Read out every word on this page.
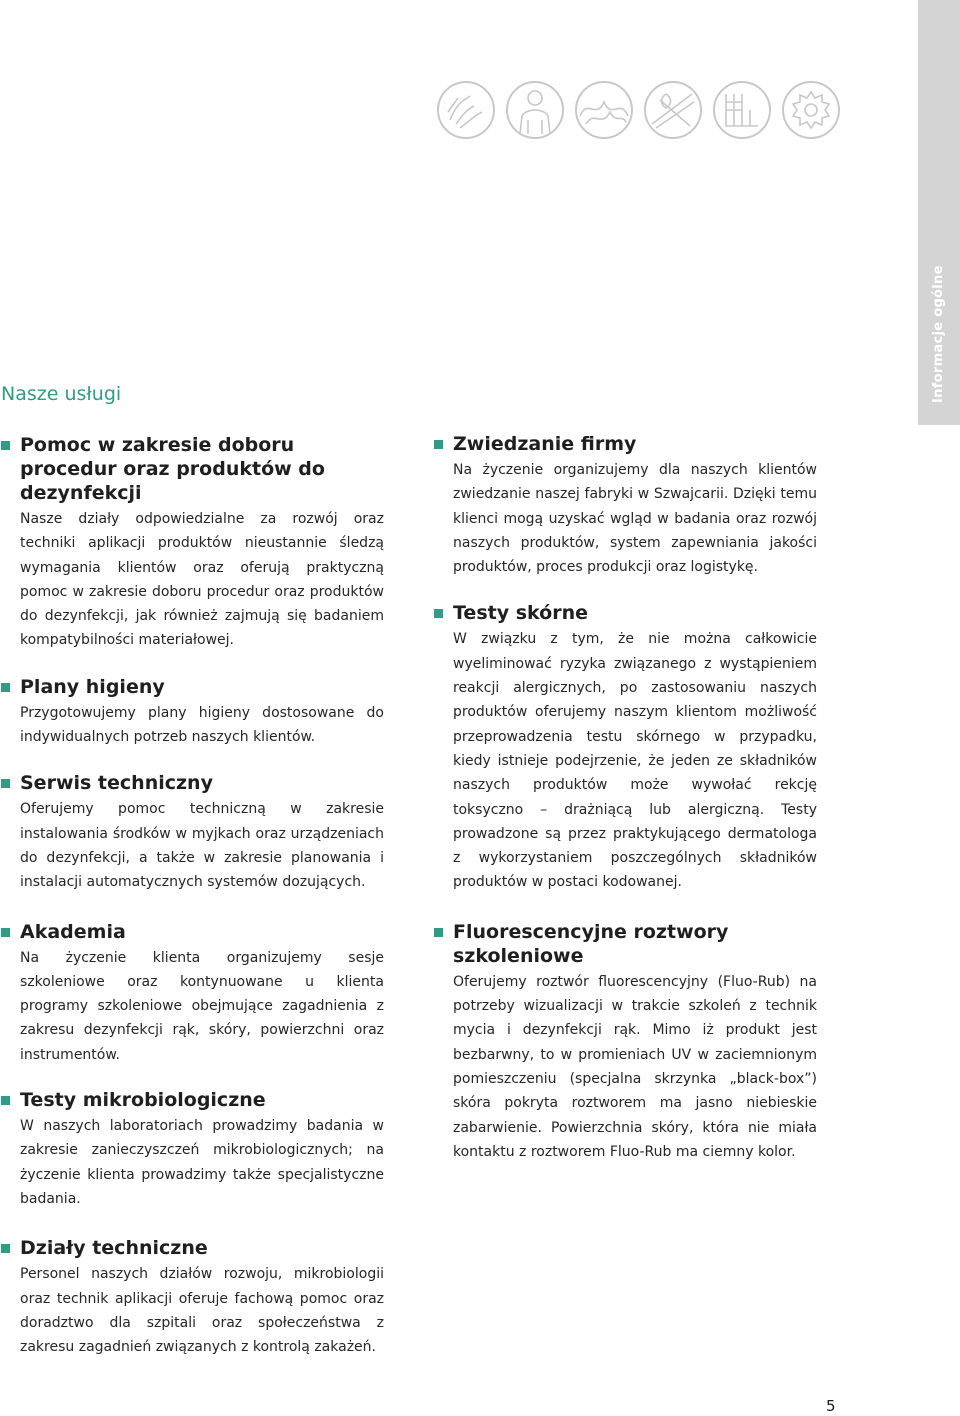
Informacje ogólne
Nasze usługi
Pomoc w zakresie doboru procedur oraz produktów do dezynfekcji

Nasze działy odpowiedzialne za rozwój oraz techniki aplikacji produktów nieustannie śledzą wymagania klientów oraz oferują praktyczną pomoc w zakresie doboru procedur oraz produktów do dezynfekcji, jak również zajmują się badaniem kompatybilności materiałowej.

Plany higieny

Przygotowujemy plany higieny dostosowane do indywidualnych potrzeb naszych klientów.

Serwis techniczny

Oferujemy pomoc techniczną w zakresie instalowania środków w myjkach oraz urządzeniach do dezynfekcji, a także w zakresie planowania i instalacji automatycznych systemów dozujących.

Akademia

Na życzenie klienta organizujemy sesje szkoleniowe oraz kontynuowane u klienta programy szkoleniowe obejmujące zagadnienia z zakresu dezynfekcji rąk, skóry, powierzchni oraz instrumentów.

Testy mikrobiologiczne

W naszych laboratoriach prowadzimy badania w zakresie zanieczyszczeń mikrobiologicznych; na życzenie klienta prowadzimy także specjalistyczne badania.

Działy techniczne

Personel naszych działów rozwoju, mikrobiologii oraz technik aplikacji oferuje fachową pomoc oraz doradztwo dla szpitali oraz społeczeństwa z zakresu zagadnień związanych z kontrolą zakażeń.

Zwiedzanie firmy

Na życzenie organizujemy dla naszych klientów zwiedzanie naszej fabryki w Szwajcarii. Dzięki temu klienci mogą uzyskać wgląd w badania oraz rozwój naszych produktów, system zapewniania jakości produktów, proces produkcji oraz logistykę.

Testy skórne

W związku z tym, że nie można całkowicie wyeliminować ryzyka związanego z wystąpieniem reakcji alergicznych, po zastosowaniu naszych produktów oferujemy naszym klientom możliwość przeprowadzenia testu skórnego w przypadku, kiedy istnieje podejrzenie, że jeden ze składników naszych produktów może wywołać rekcję toksyczno – drażniącą lub alergiczną. Testy prowadzone są przez praktykującego dermatologa z wykorzystaniem poszczególnych składników produktów w postaci kodowanej.

Fluorescencyjne roztwory szkoleniowe

Oferujemy roztwór fluorescencyjny (Fluo-Rub) na potrzeby wizualizacji w trakcie szkoleń z technik mycia i dezynfekcji rąk. Mimo iż produkt jest bezbarwny, to w promieniach UV w zaciemnionym pomieszczeniu (specjalna skrzynka „black-box”) skóra pokryta roztworem ma jasno niebieskie zabarwienie. Powierzchnia skóry, która nie miała kontaktu z roztworem Fluo-Rub ma ciemny kolor.

5
